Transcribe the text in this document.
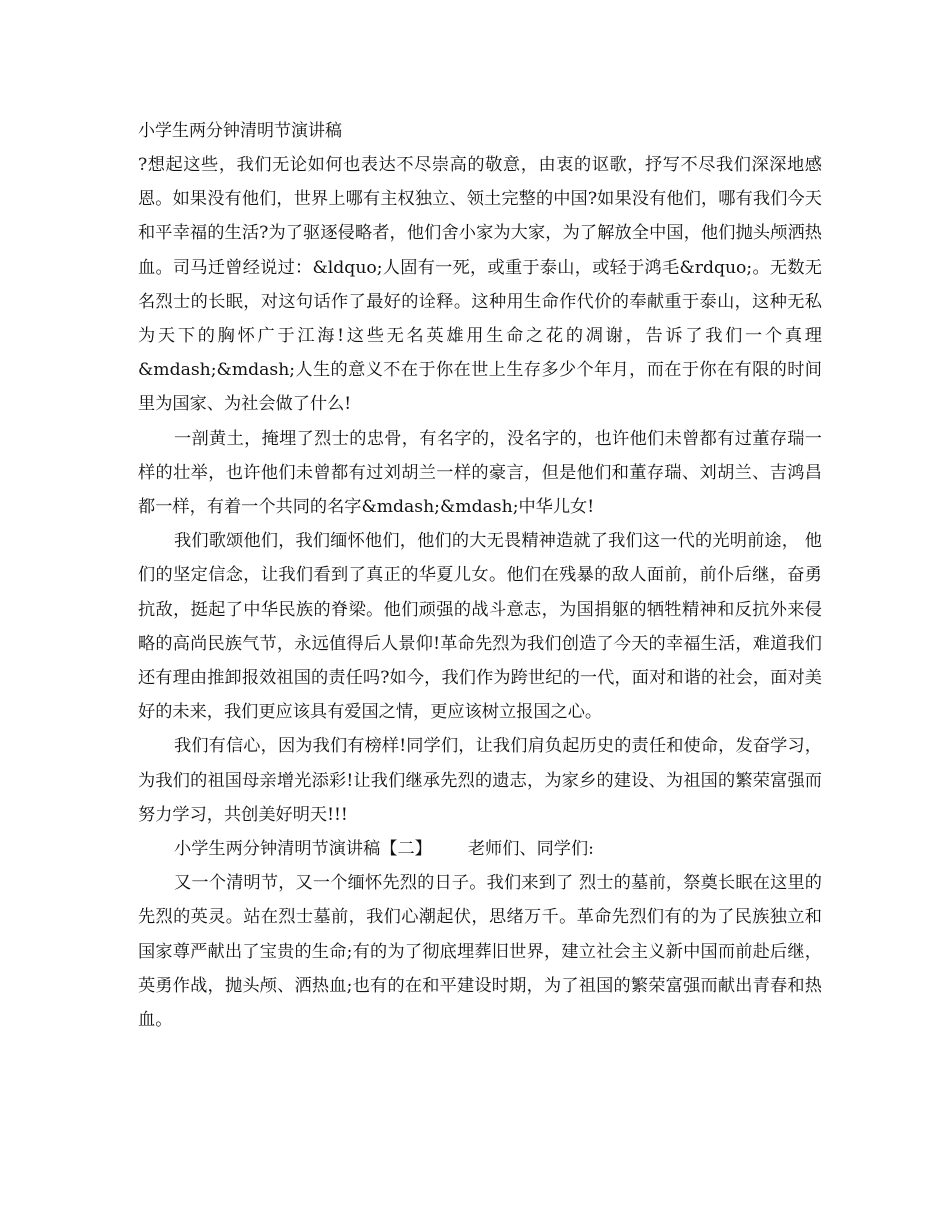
小学生两分钟清明节演讲稿

?想起这些，我们无论如何也表达不尽崇高的敬意，由衷的讴歌，抒写不尽我们深深地感恩。如果没有他们，世界上哪有主权独立、领土完整的中国?如果没有他们，哪有我们今天和平幸福的生活?为了驱逐侵略者，他们舍小家为大家，为了解放全中国，他们抛头颅洒热血。司马迁曾经说过：&ldquo;人固有一死，或重于泰山，或轻于鸿毛&rdquo;。无数无名烈士的长眠，对这句话作了最好的诠释。这种用生命作代价的奉献重于泰山，这种无私为天下的胸怀广于江海!这些无名英雄用生命之花的凋谢，告诉了我们一个真理&mdash;&mdash;人生的意义不在于你在世上生存多少个年月，而在于你在有限的时间里为国家、为社会做了什么!

一剖黄土，掩埋了烈士的忠骨，有名字的，没名字的，也许他们未曾都有过董存瑞一样的壮举，也许他们未曾都有过刘胡兰一样的豪言，但是他们和董存瑞、刘胡兰、吉鸿昌都一样，有着一个共同的名字&mdash;&mdash;中华儿女!

我们歌颂他们，我们缅怀他们，他们的大无畏精神造就了我们这一代的光明前途， 他们的坚定信念，让我们看到了真正的华夏儿女。他们在残暴的敌人面前，前仆后继，奋勇抗敌，挺起了中华民族的脊梁。他们顽强的战斗意志，为国捐躯的牺牲精神和反抗外来侵略的高尚民族气节，永远值得后人景仰!革命先烈为我们创造了今天的幸福生活，难道我们还有理由推卸报效祖国的责任吗?如今，我们作为跨世纪的一代，面对和谐的社会，面对美好的未来，我们更应该具有爱国之情，更应该树立报国之心。

我们有信心，因为我们有榜样!同学们，让我们肩负起历史的责任和使命，发奋学习，为我们的祖国母亲增光添彩!让我们继承先烈的遗志，为家乡的建设、为祖国的繁荣富强而努力学习，共创美好明天!!!

小学生两分钟清明节演讲稿【二】 老师们、同学们:

又一个清明节，又一个缅怀先烈的日子。我们来到了 烈士的墓前，祭奠长眠在这里的先烈的英灵。站在烈士墓前，我们心潮起伏，思绪万千。革命先烈们有的为了民族独立和国家尊严献出了宝贵的生命;有的为了彻底埋葬旧世界，建立社会主义新中国而前赴后继，英勇作战，抛头颅、洒热血;也有的在和平建设时期，为了祖国的繁荣富强而献出青春和热血。
